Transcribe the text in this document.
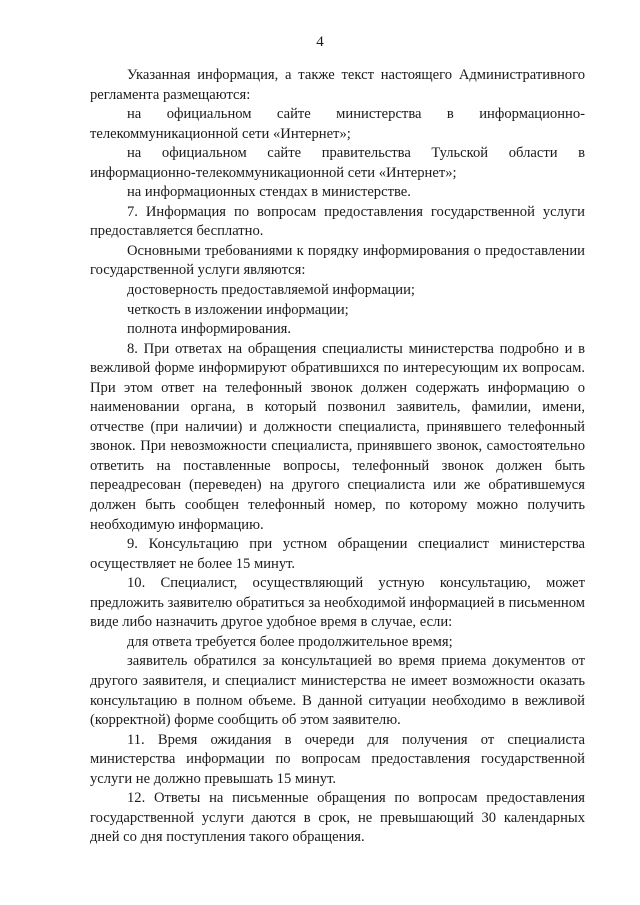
4

Указанная информация, а также текст настоящего Административного регламента размещаются:

на официальном сайте министерства в информационно-телекоммуникационной сети «Интернет»;

на официальном сайте правительства Тульской области в информационно-телекоммуникационной сети «Интернет»;

на информационных стендах в министерстве.

7. Информация по вопросам предоставления государственной услуги предоставляется бесплатно.

Основными требованиями к порядку информирования о предоставлении государственной услуги являются:

достоверность предоставляемой информации;

четкость в изложении информации;

полнота информирования.

8. При ответах на обращения специалисты министерства подробно и в вежливой форме информируют обратившихся по интересующим их вопросам. При этом ответ на телефонный звонок должен содержать информацию о наименовании органа, в который позвонил заявитель, фамилии, имени, отчестве (при наличии) и должности специалиста, принявшего телефонный звонок. При невозможности специалиста, принявшего звонок, самостоятельно ответить на поставленные вопросы, телефонный звонок должен быть переадресован (переведен) на другого специалиста или же обратившемуся должен быть сообщен телефонный номер, по которому можно получить необходимую информацию.

9. Консультацию при устном обращении специалист министерства осуществляет не более 15 минут.

10. Специалист, осуществляющий устную консультацию, может предложить заявителю обратиться за необходимой информацией в письменном виде либо назначить другое удобное время в случае, если:

для ответа требуется более продолжительное время;

заявитель обратился за консультацией во время приема документов от другого заявителя, и специалист министерства не имеет возможности оказать консультацию в полном объеме. В данной ситуации необходимо в вежливой (корректной) форме сообщить об этом заявителю.

11. Время ожидания в очереди для получения от специалиста министерства информации по вопросам предоставления государственной услуги не должно превышать 15 минут.

12. Ответы на письменные обращения по вопросам предоставления государственной услуги даются в срок, не превышающий 30 календарных дней со дня поступления такого обращения.
